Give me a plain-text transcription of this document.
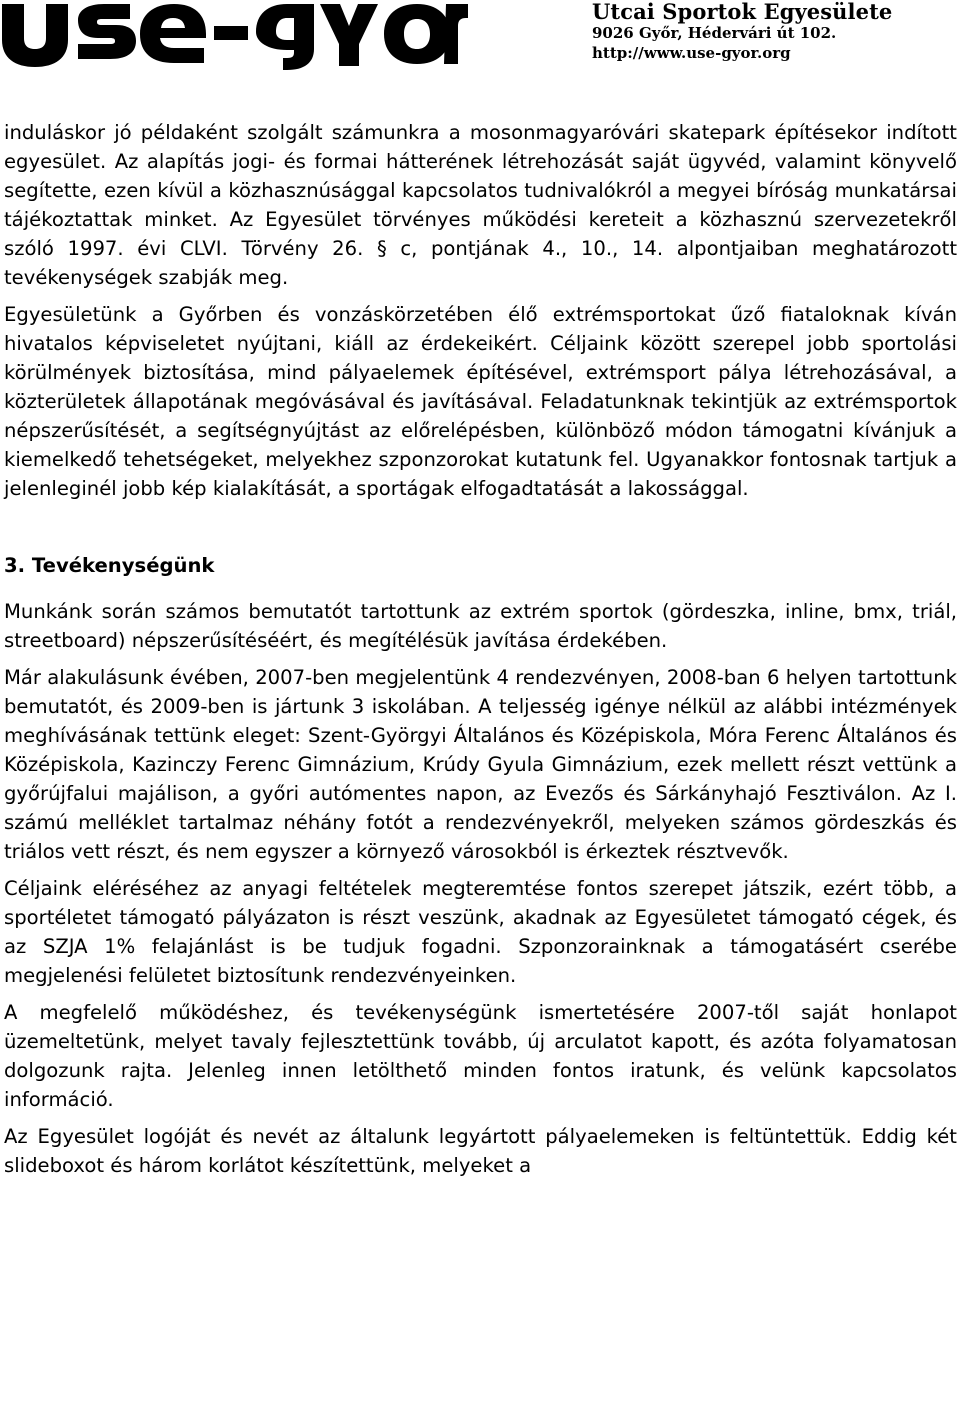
Utcai Sportok Egyesülete
9026 Győr, Hédervári út 102.
http://www.use-gyor.org

induláskor jó példaként szolgált számunkra a mosonmagyaróvári skatepark építésekor indított egyesület. Az alapítás jogi- és formai hátterének létrehozását saját ügyvéd, valamint könyvelő segítette, ezen kívül a közhasznúsággal kapcsolatos tudnivalókról a megyei bíróság munkatársai tájékoztattak minket. Az Egyesület törvényes működési kereteit a közhasznú szervezetekről szóló 1997. évi CLVI. Törvény 26. § c, pontjának 4., 10., 14. alpontjaiban meghatározott tevékenységek szabják meg.

Egyesületünk a Győrben és vonzáskörzetében élő extrémsportokat űző fiataloknak kíván hivatalos képviseletet nyújtani, kiáll az érdekeikért. Céljaink között szerepel jobb sportolási körülmények biztosítása, mind pályaelemek építésével, extrémsport pálya létrehozásával, a közterületek állapotának megóvásával és javításával. Feladatunknak tekintjük az extrémsportok népszerűsítését, a segítségnyújtást az előrelépésben, különböző módon támogatni kívánjuk a kiemelkedő tehetségeket, melyekhez szponzorokat kutatunk fel. Ugyanakkor fontosnak tartjuk a jelenleginél jobb kép kialakítását, a sportágak elfogadtatását a lakossággal.

3. Tevékenységünk

Munkánk során számos bemutatót tartottunk az extrém sportok (gördeszka, inline, bmx, triál, streetboard) népszerűsítéséért, és megítélésük javítása érdekében.

Már alakulásunk évében, 2007-ben megjelentünk 4 rendezvényen, 2008-ban 6 helyen tartottunk bemutatót, és 2009-ben is jártunk 3 iskolában. A teljesség igénye nélkül az alábbi intézmények meghívásának tettünk eleget: Szent-Györgyi Általános és Középiskola, Móra Ferenc Általános és Középiskola, Kazinczy Ferenc Gimnázium, Krúdy Gyula Gimnázium, ezek mellett részt vettünk a győrújfalui majálison, a győri autómentes napon, az Evezős és Sárkányhajó Fesztiválon. Az I. számú melléklet tartalmaz néhány fotót a rendezvényekről, melyeken számos gördeszkás és triálos vett részt, és nem egyszer a környező városokból is érkeztek résztvevők.

Céljaink eléréséhez az anyagi feltételek megteremtése fontos szerepet játszik, ezért több, a sportéletet támogató pályázaton is részt veszünk, akadnak az Egyesületet támogató cégek, és az SZJA 1% felajánlást is be tudjuk fogadni. Szponzorainknak a támogatásért cserébe megjelenési felületet biztosítunk rendezvényeinken.

A megfelelő működéshez, és tevékenységünk ismertetésére 2007-től saját honlapot üzemeltetünk, melyet tavaly fejlesztettünk tovább, új arculatot kapott, és azóta folyamatosan dolgozunk rajta. Jelenleg innen letölthető minden fontos iratunk, és velünk kapcsolatos információ.

Az Egyesület logóját és nevét az általunk legyártott pályaelemeken is feltüntettük. Eddig két slideboxot és három korlátot készítettünk, melyeket a
